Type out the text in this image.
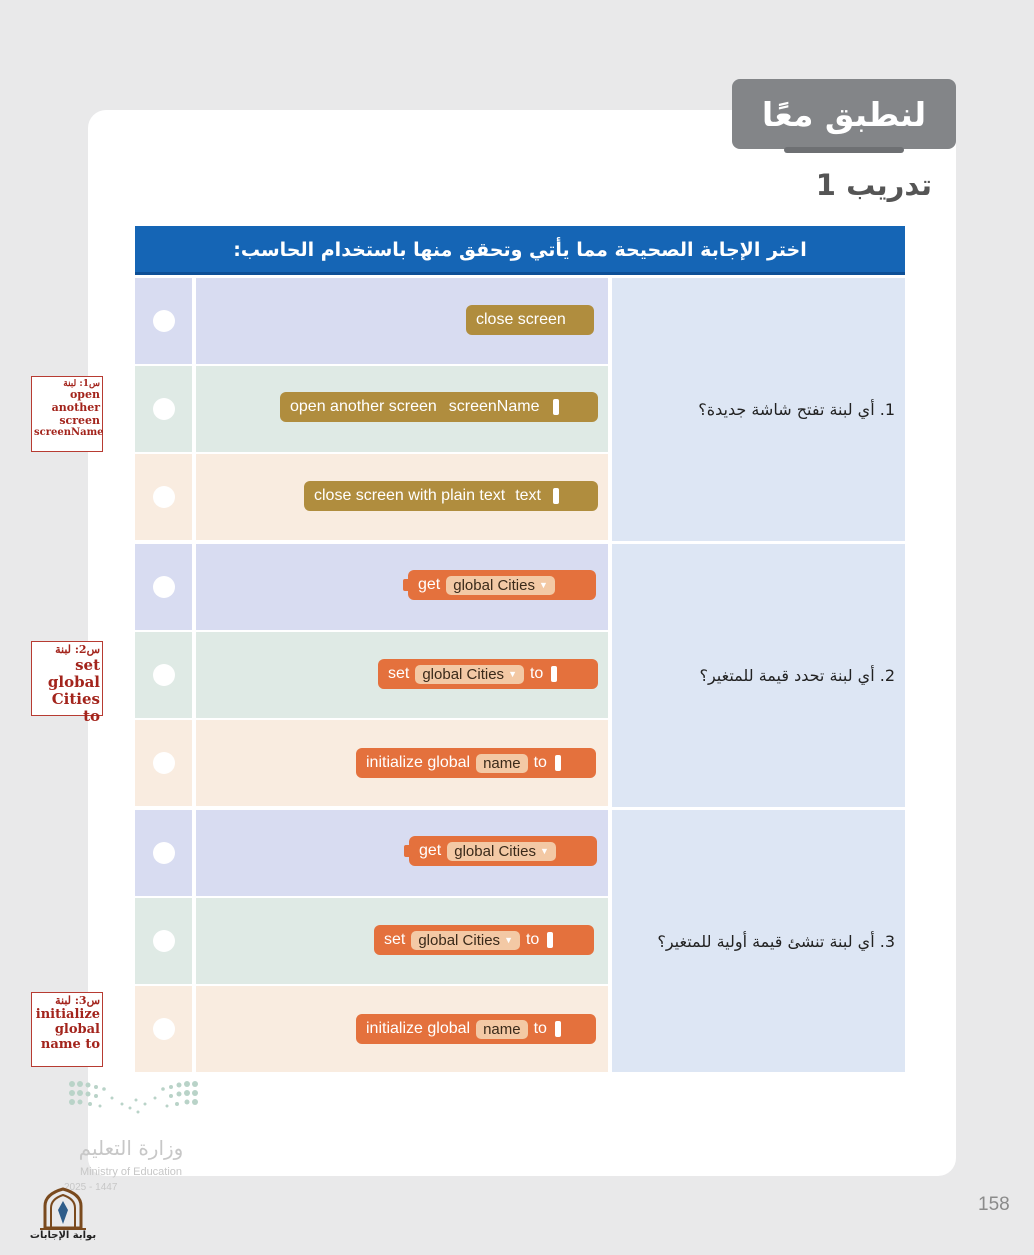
لنطبق معًا
تدريب 1
اختر الإجابة الصحيحة مما يأتي وتحقق منها باستخدام الحاسب:
1. أي لبنة تفتح شاشة جديدة؟
2. أي لبنة تحدد قيمة للمتغير؟
3. أي لبنة تنشئ قيمة أولية للمتغير؟
close screen
open another screen screenName
close screen with plain text text
get global Cities ▼
set global Cities ▼ to
initialize global name to
get global Cities ▼
set global Cities ▼ to
initialize global name to
س1: لبنة
open
another
screen
screenName
س2: لبنة
set global
Cities to
س3: لبنة
initialize
global
name to
وزارة التعليم
Ministry of Education
2025 - 1447
بوابة الإجابات
158
